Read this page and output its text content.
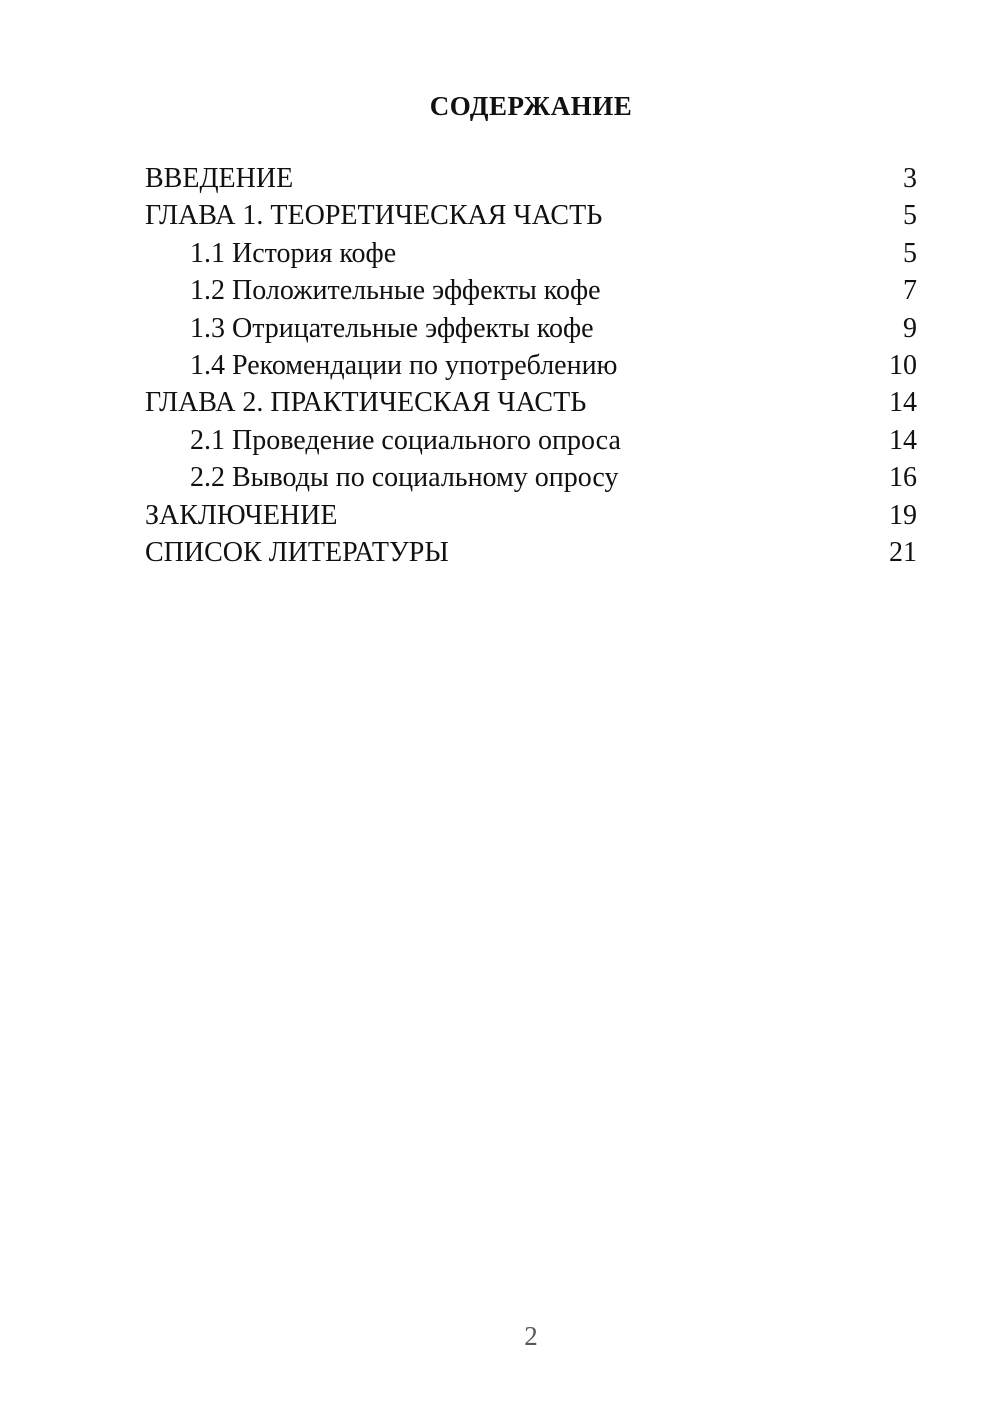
СОДЕРЖАНИЕ
ВВЕДЕНИЕ	3
ГЛАВА 1. ТЕОРЕТИЧЕСКАЯ ЧАСТЬ	5
1.1 История кофе	5
1.2 Положительные эффекты кофе	7
1.3 Отрицательные эффекты кофе	9
1.4 Рекомендации по употреблению	10
ГЛАВА 2. ПРАКТИЧЕСКАЯ ЧАСТЬ	14
2.1 Проведение социального опроса	14
2.2 Выводы по социальному опросу	16
ЗАКЛЮЧЕНИЕ	19
СПИСОК ЛИТЕРАТУРЫ	21
2
